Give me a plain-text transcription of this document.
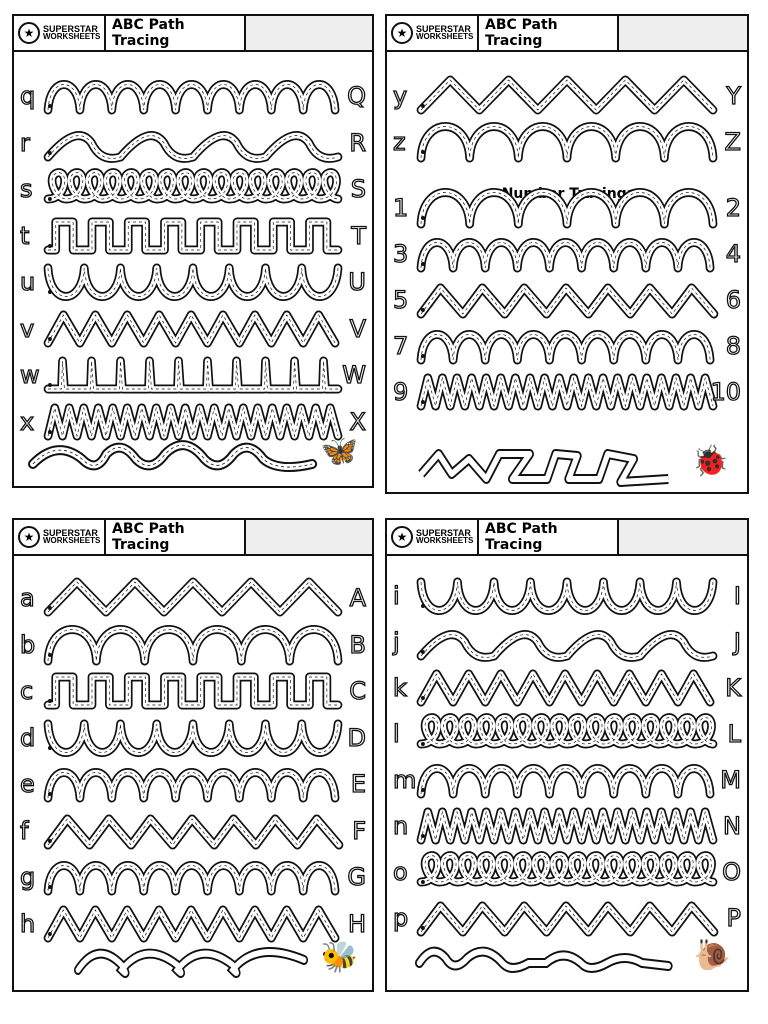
★ SUPERSTAR
WORKSHEETS
ABC Path Tracing
🦋
q	Q
r	R
s	S
t	T
u	U
v	V
w	W
x	X
★ SUPERSTAR
WORKSHEETS
ABC Path Tracing
Number Tracing:
🐞
y	Y
z	Z
1	2
3	4
5	6
7	8
9	10
★ SUPERSTAR
WORKSHEETS
ABC Path Tracing
🐝
a	A
b	B
c	C
d	D
e	E
f	F
g	G
h	H
★ SUPERSTAR
WORKSHEETS
ABC Path Tracing
🐌
i	I
j	J
k	K
l	L
m	M
n	N
o	O
p	P
